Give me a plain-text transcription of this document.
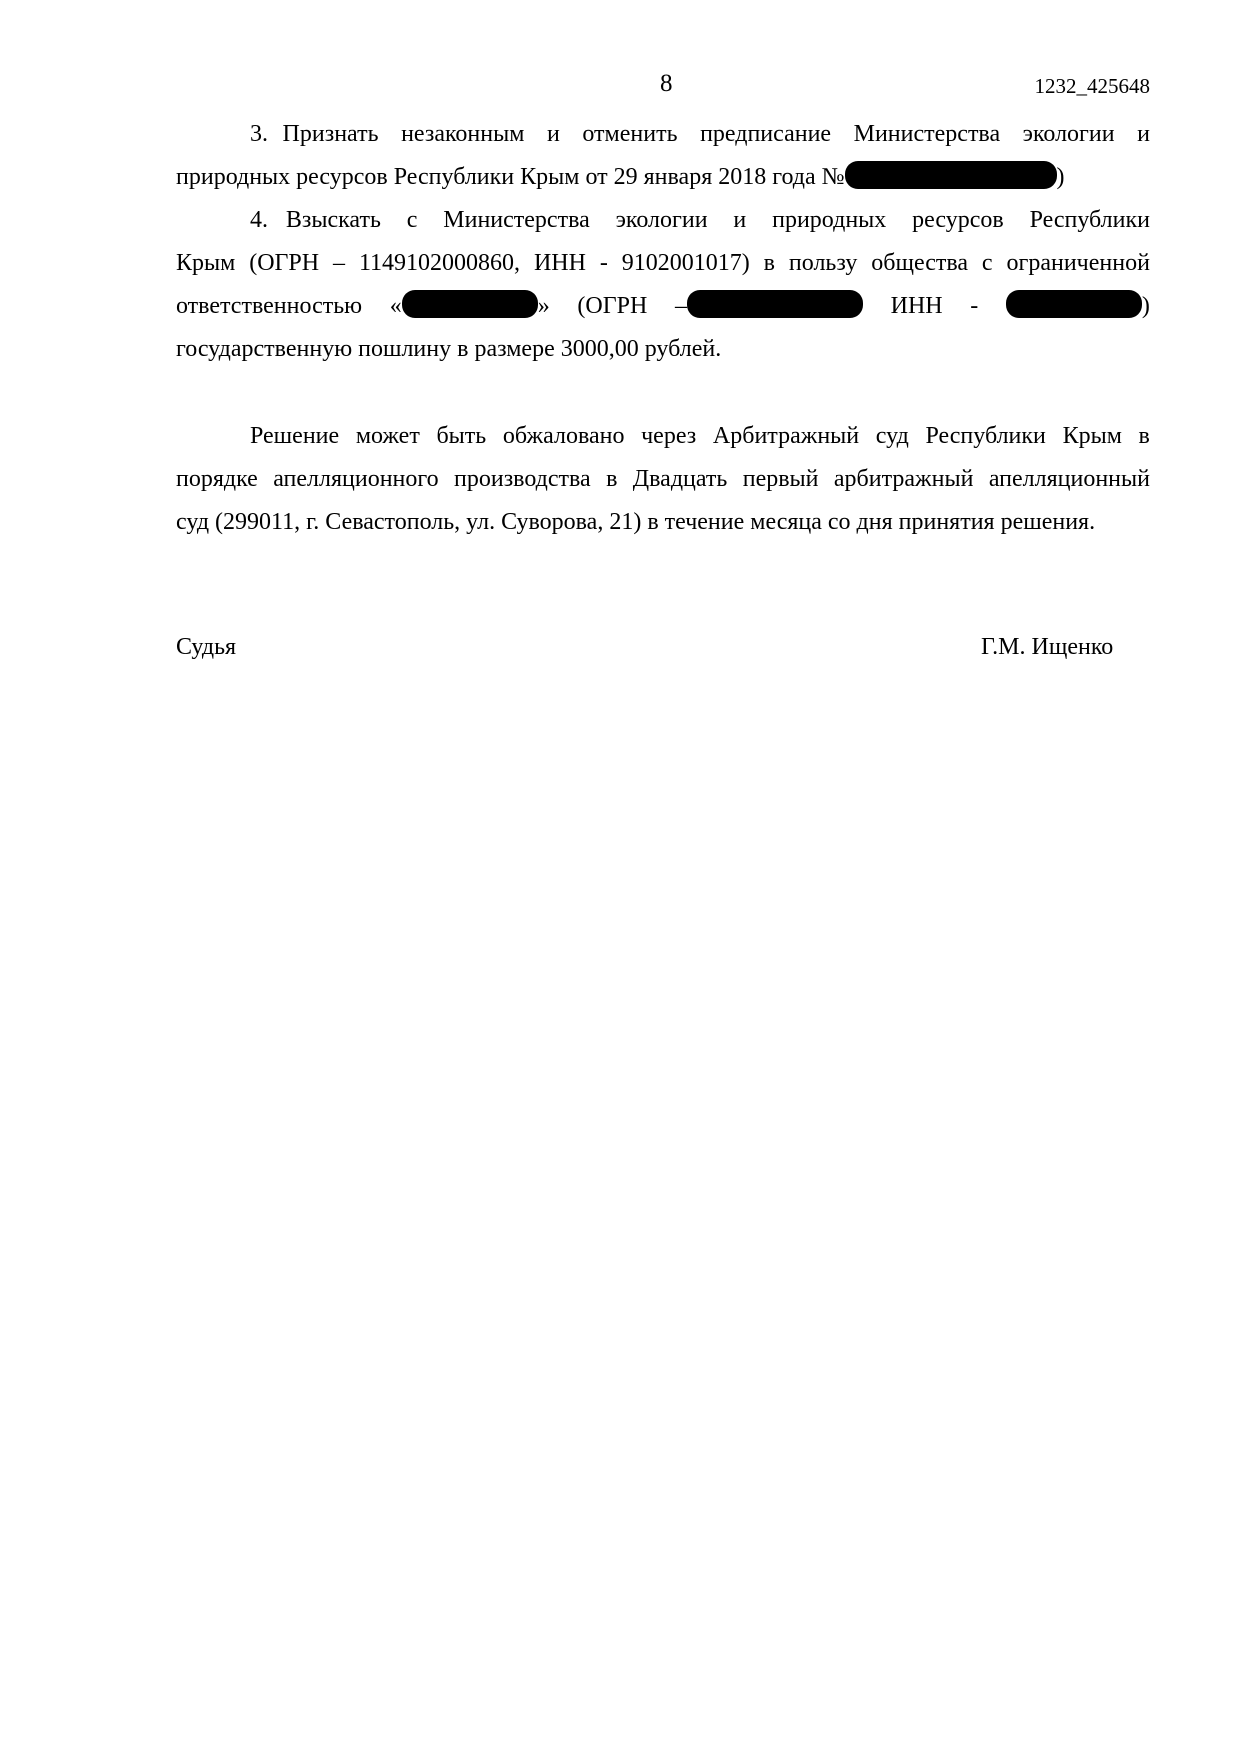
8	1232_425648
3. Признать незаконным и отменить предписание Министерства экологии и
природных ресурсов Республики Крым от 29 января 2018 года №	)
4. Взыскать с Министерства экологии и природных ресурсов Республики
Крым (ОГРН – 1149102000860, ИНН - 9102001017) в пользу общества с ограниченной
ответственностью «	» (ОГРН –	ИНН -	)
государственную пошлину в размере 3000,00 рублей.
Решение может быть обжаловано через Арбитражный суд Республики Крым в
порядке апелляционного производства в Двадцать первый арбитражный апелляционный
суд (299011, г. Севастополь, ул. Суворова, 21) в течение месяца со дня принятия решения.
Судья	Г.М. Ищенко
